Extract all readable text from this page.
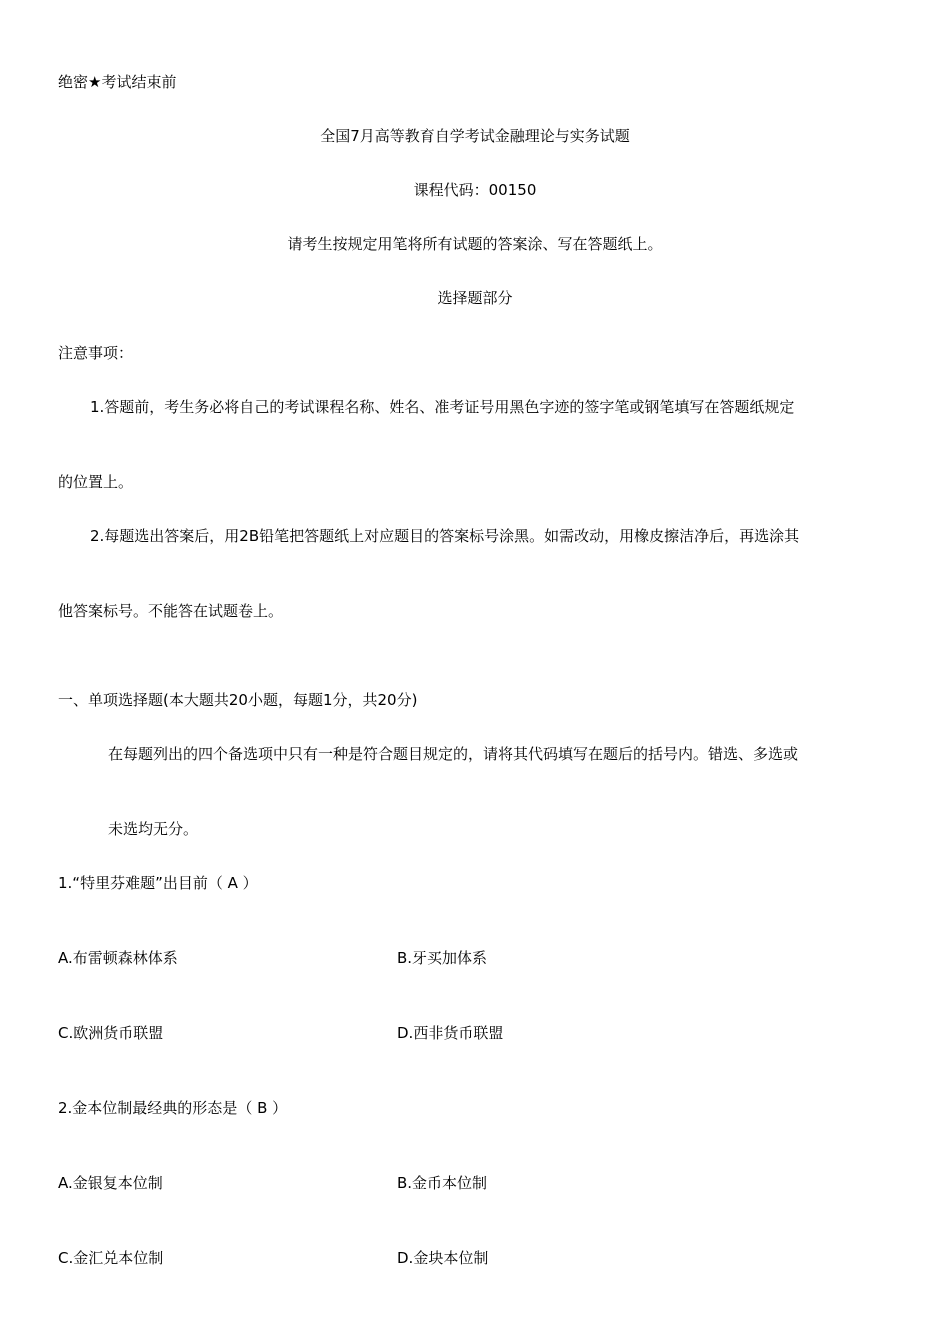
绝密★考试结束前
全国7月高等教育自学考试金融理论与实务试题
课程代码：00150
请考生按规定用笔将所有试题的答案涂、写在答题纸上。
选择题部分
注意事项：
1.答题前，考生务必将自己的考试课程名称、姓名、准考证号用黑色字迹的签字笔或钢笔填写在答题纸规定
的位置上。
2.每题选出答案后，用2B铅笔把答题纸上对应题目的答案标号涂黑。如需改动，用橡皮擦洁净后，再选涂其
他答案标号。不能答在试题卷上。
一、单项选择题(本大题共20小题，每题1分，共20分)
在每题列出的四个备选项中只有一种是符合题目规定的，请将其代码填写在题后的括号内。错选、多选或
未选均无分。
1.“特里芬难题”出目前（ A ）
A.布雷顿森林体系	B.牙买加体系
C.欧洲货币联盟	D.西非货币联盟
2.金本位制最经典的形态是（ B ）
A.金银复本位制	B.金币本位制
C.金汇兑本位制	D.金块本位制
